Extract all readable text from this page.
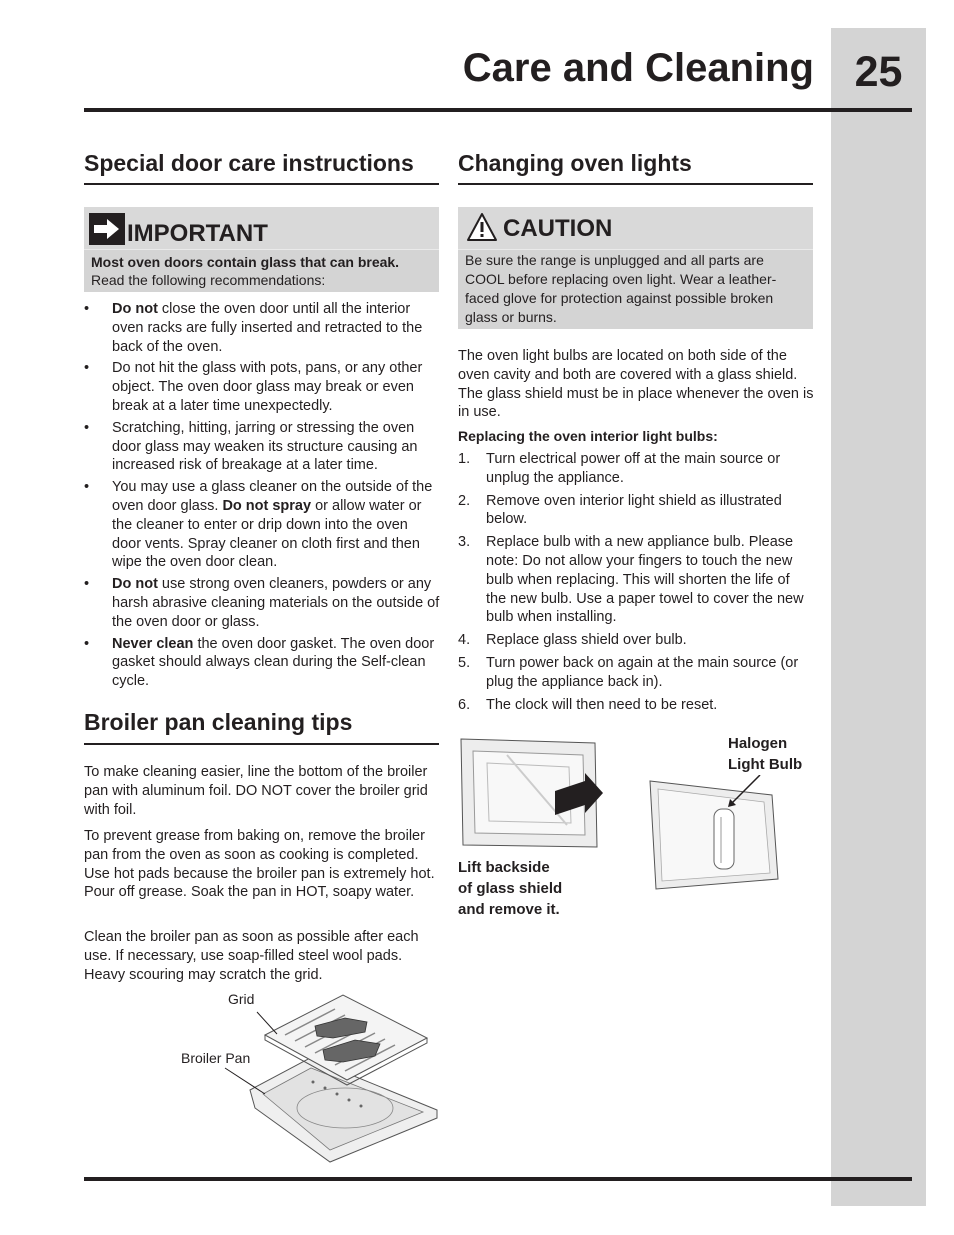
25
Care and Cleaning
Special door care instructions
IMPORTANT
Most oven doors contain glass that can break.
Read the following recommendations:
• Do not close the oven door until all the interior oven racks are fully inserted and retracted to the back of the oven.
• Do not hit the glass with pots, pans, or any other object. The oven door glass may break or even break at a later time unexpectedly.
• Scratching, hitting, jarring or stressing the oven door glass may weaken its structure causing an increased risk of breakage at a later time.
• You may use a glass cleaner on the outside of the oven door glass. Do not spray or allow water or the cleaner to enter or drip down into the oven door vents. Spray cleaner on cloth first and then wipe the oven door clean.
• Do not use strong oven cleaners, powders or any harsh abrasive cleaning materials on the outside of the oven door or glass.
• Never clean the oven door gasket. The oven door gasket should always clean during the Self-clean cycle.
Broiler pan cleaning tips
To make cleaning easier, line the bottom of the broiler pan with aluminum foil. DO NOT cover the broiler grid with foil.
To prevent grease from baking on, remove the broiler pan from the oven as soon as cooking is completed. Use hot pads because the broiler pan is extremely hot. Pour off grease. Soak the pan in HOT, soapy water.
Clean the broiler pan as soon as possible after each use. If necessary, use soap-filled steel wool pads. Heavy scouring may scratch the grid.
Grid
Broiler Pan
Changing oven lights
CAUTION
Be sure the range is unplugged and all parts are COOL before replacing oven light. Wear a leather-faced glove for protection against possible broken glass or burns.
The oven light bulbs are located on both side of the oven cavity and both are covered with a glass shield. The glass shield must be in place whenever the oven is in use.
Replacing the oven interior light bulbs:
1. Turn electrical power off at the main source or unplug the appliance.
2. Remove oven interior light shield as illustrated below.
3. Replace bulb with a new appliance bulb. Please note: Do not allow your fingers to touch the new bulb when replacing. This will shorten the life of the new bulb. Use a paper towel to cover the new bulb when installing.
4. Replace glass shield over bulb.
5. Turn power back on again at the main source (or plug the appliance back in).
6. The clock will then need to be reset.
Lift backside
of glass shield
and remove it.
Halogen
Light Bulb
